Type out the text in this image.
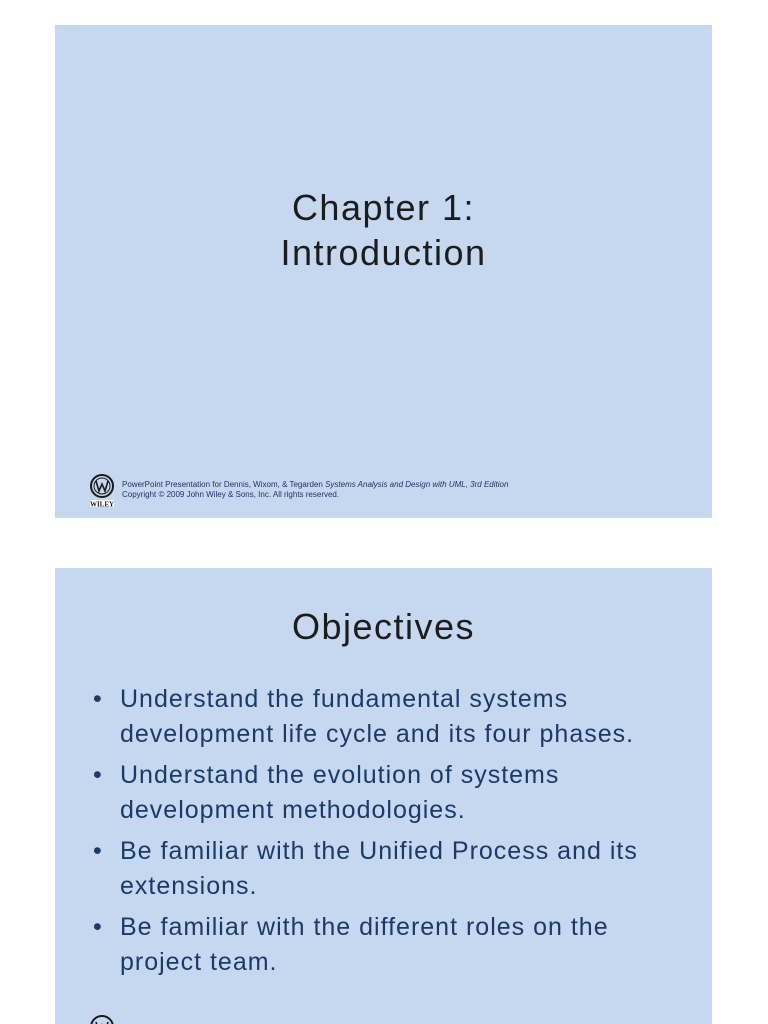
Chapter 1:
Introduction
WILEY
PowerPoint Presentation for Dennis, Wixom, & Tegarden Systems Analysis and Design with UML, 3rd Edition
Copyright © 2009 John Wiley & Sons, Inc. All rights reserved.
Objectives
• Understand the fundamental systems
development life cycle and its four phases.
• Understand the evolution of systems
development methodologies.
• Be familiar with the Unified Process and its
extensions.
• Be familiar with the different roles on the
project team.
